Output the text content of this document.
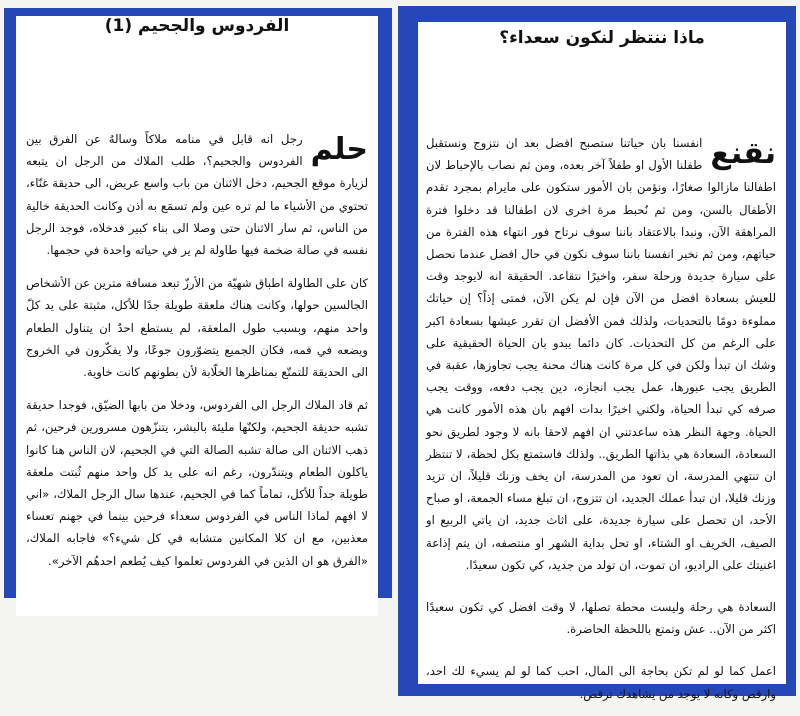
الفردوس والجحيم (1)

حلم
رجل انه قابل في منامه ملاكاً وسالهُ عن الفرق بين الفردوس والجحيم؟، طلب الملاك من الرجل ان يتبعه لزيارة موقع الجحيم، دخل الاثنان من باب واسع عريض، الى حديقة غنّاء، تحتوي من الأشياء ما لم تره عين ولم تسمَع به أذن وكانت الحديقة خالية من الناس، ثم سار الاثنان حتى وصلا الى بناء كبير فدخلاه، فوجد الرجل نفسه في صالة ضخمة فيها طاولة لم ير في حياته واحدة في حجمها.

كان على الطاولة اطباق شهيّة من الأرزّ تبعد مسافة مترين عن الأشخاص الجالسين حولها، وكانت هناك ملعقة طويلة جدًا للأكل، مثبتة على يد كلّ واحد منهم، وبسبب طول الملعقة، لم يستطع احدٌ ان يتناول الطعام ويضعه في فمه، فكان الجميع يتضوّرون جوعًا، ولا يفكّرون في الخروج الى الحديقة للتمتّع بمناظرها الخلّابة لأن بطونهم كانت خاوية.

ثم قاد الملاك الرجل الى الفردوس، ودخلا من بابها الضيّق، فوجدا حديقة تشبه حديقة الجحيم، ولكنّها مليئة بالبشر، يتنزّهون مسرورين فرحين، ثم ذهب الاثنان الى صالة تشبه الصالة التي في الجحيم، لان الناس هنا كانوا ياكلون الطعام ويتندّرون، رغم انه على يد كل واحد منهم ثُبتت ملعقة طويلة جداً للأكل، تماماً كما في الجحيم، عندها سال الرجل الملاك، «اني لا افهم لماذا الناس في الفردوس سعداء فرحين بينما في جهنم تعساء معذبين، مع ان كلا المكانين متشابه في كل شيء؟» فاجابه الملاك، «الفرق هو ان الذين في الفردوس تعلموا كيف يُطعم احدهُم الآخر».

ماذا ننتظر لنكون سعداء؟

نقنع
انفسنا بان حياتنا ستصبح افضل بعد ان نتزوج ونستقبل طفلنا الأول او طفلاً آخر بعده، ومن ثم نصاب بالإحباط لان اطفالنا مازالوا صغارًا، ونؤمن بان الأمور ستكون على مايرام بمجرد تقدم الأطفال بالسن، ومن ثم نُحبط مرة اخرى لان اطفالنا قد دخلوا فترة المراهقة الآن، ونبدا بالاعتقاد باننا سوف نرتاح فور انتهاء هذه الفترة من حياتهم، ومن ثم نخبر انفسنا باننا سوف نكون في حال افضل عندما نحصل على سيارة جديدة ورحلة سفر، واخيرًا نتقاعد. الحقيقة انه لايوجد وقت للعيش بسعادة افضل من الآن فإن لم يكن الآن، فمتى إذاً؟ إن حياتك مملوءة دومًا بالتحديات، ولذلك فمن الأفضل ان تقرر عيشها بسعادة اكبر على الرغم من كل التحديات. كان دائما يبدو بان الحياة الحقيقية على وشك ان تبدأ ولكن في كل مرة كانت هناك محنة يجب تجاوزها، عقبة في الطريق يجب عبورها، عمل يجب انجازه، دين يجب دفعه، ووقت يجب صرفه كي تبدأ الحياة، ولكني اخيرًا بدات افهم بان هذه الأمور كانت هي الحياة. وجهة النظر هذه ساعدتني ان افهم لاحقا بانه لا وجود لطريق نحو السعادة، السعادة هي بذاتها الطريق.. ولذلك فاستمتع بكل لحظة، لا تنتظر ان تنتهي المدرسة، ان تعود من المدرسة، ان يخف وزنك قليلاً، ان تزيد وزنك قليلا، ان تبدأ عملك الجديد، ان تتزوج، ان تبلغ مساء الجمعة، او صباح الأحد، ان تحصل على سيارة جديدة، على اثاث جديد، ان ياتي الربيع او الصيف، الخريف او الشتاء، او تحل بداية الشهر او منتصفه، ان يتم إذاعة اغنيتك على الراديو، ان تموت، ان تولد من جديد، كي تكون سعيدًا.

السعادة هي رحلة وليست محطة تصلها، لا وقت افضل كي تكون سعيدًا اكثر من الآن.. عش وتمتع باللحظة الحاضرة.

اعمل كما لو لم تكن بحاجة الى المال، احب كما لو لم يسيء لك احد، وارقص وكانه لا يوجد من يشاهدك ترقص.
